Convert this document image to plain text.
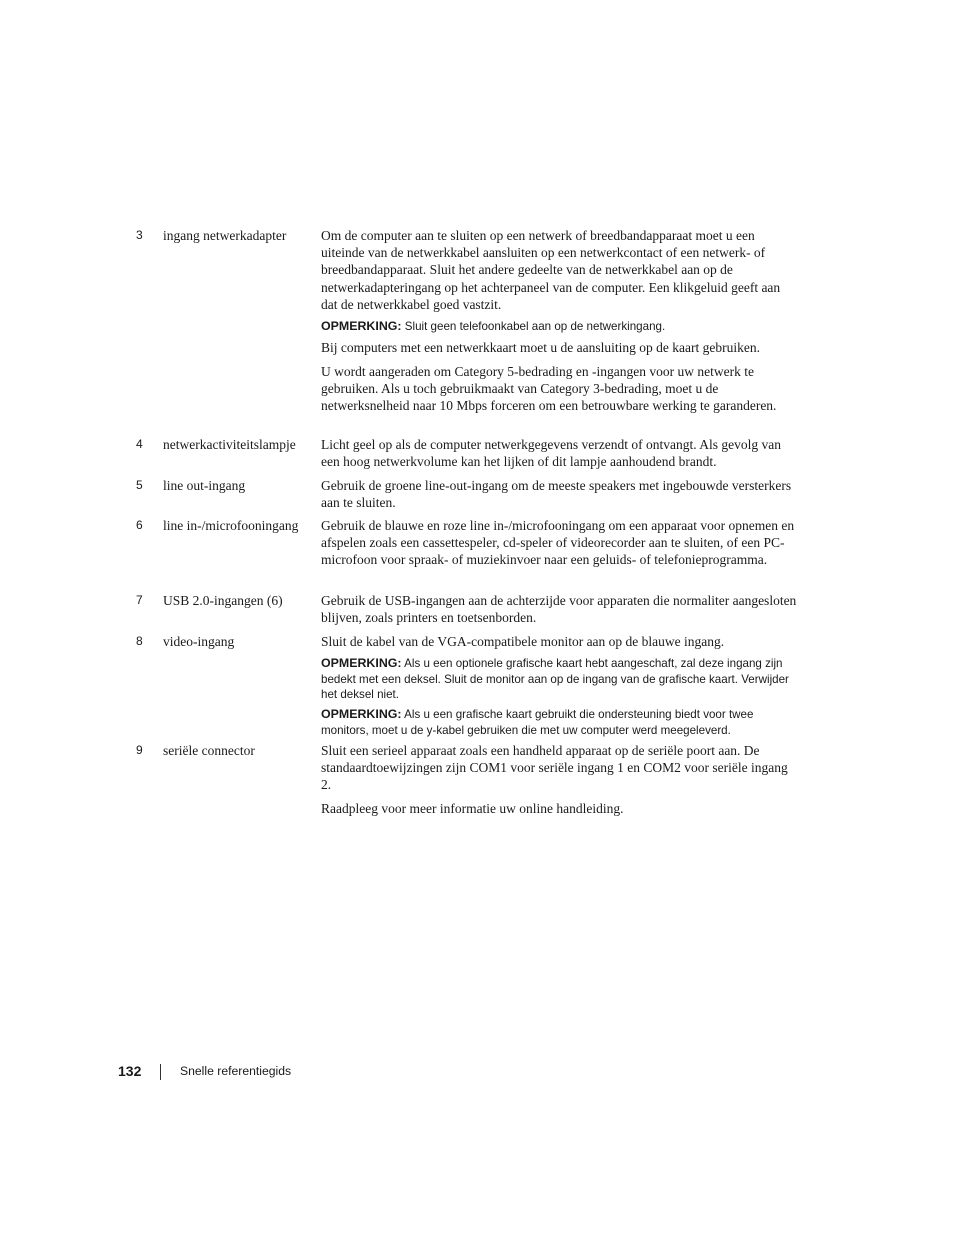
3 ingang netwerkadapter	Om de computer aan te sluiten op een netwerk of breedbandapparaat moet u een uiteinde van de netwerkkabel aansluiten op een netwerkcontact of een netwerk- of breedbandapparaat. Sluit het andere gedeelte van de netwerkkabel aan op de netwerkadapteringang op het achterpaneel van de computer. Een klikgeluid geeft aan dat de netwerkkabel goed vastzit.

OPMERKING: Sluit geen telefoonkabel aan op de netwerkingang.

Bij computers met een netwerkkaart moet u de aansluiting op de kaart gebruiken.

U wordt aangeraden om Category 5-bedrading en -ingangen voor uw netwerk te gebruiken. Als u toch gebruikmaakt van Category 3-bedrading, moet u de netwerksnelheid naar 10 Mbps forceren om een betrouwbare werking te garanderen.

4 netwerkactiviteitslampje	Licht geel op als de computer netwerkgegevens verzendt of ontvangt. Als gevolg van een hoog netwerkvolume kan het lijken of dit lampje aanhoudend brandt.

5 line out-ingang	Gebruik de groene line-out-ingang om de meeste speakers met ingebouwde versterkers aan te sluiten.

6 line in-/microfooningang	Gebruik de blauwe en roze line in-/microfooningang om een apparaat voor opnemen en afspelen zoals een cassettespeler, cd-speler of videorecorder aan te sluiten, of een PC-microfoon voor spraak- of muziekinvoer naar een geluids- of telefonieprogramma.

7 USB 2.0-ingangen (6)	Gebruik de USB-ingangen aan de achterzijde voor apparaten die normaliter aangesloten blijven, zoals printers en toetsenborden.

8 video-ingang	Sluit de kabel van de VGA-compatibele monitor aan op de blauwe ingang.

OPMERKING: Als u een optionele grafische kaart hebt aangeschaft, zal deze ingang zijn bedekt met een deksel. Sluit de monitor aan op de ingang van de grafische kaart. Verwijder het deksel niet.

OPMERKING: Als u een grafische kaart gebruikt die ondersteuning biedt voor twee monitors, moet u de y-kabel gebruiken die met uw computer werd meegeleverd.

9 seriële connector	Sluit een serieel apparaat zoals een handheld apparaat op de seriële poort aan. De standaardtoewijzingen zijn COM1 voor seriële ingang 1 en COM2 voor seriële ingang 2.

Raadpleeg voor meer informatie uw online handleiding.

132	Snelle referentiegids
